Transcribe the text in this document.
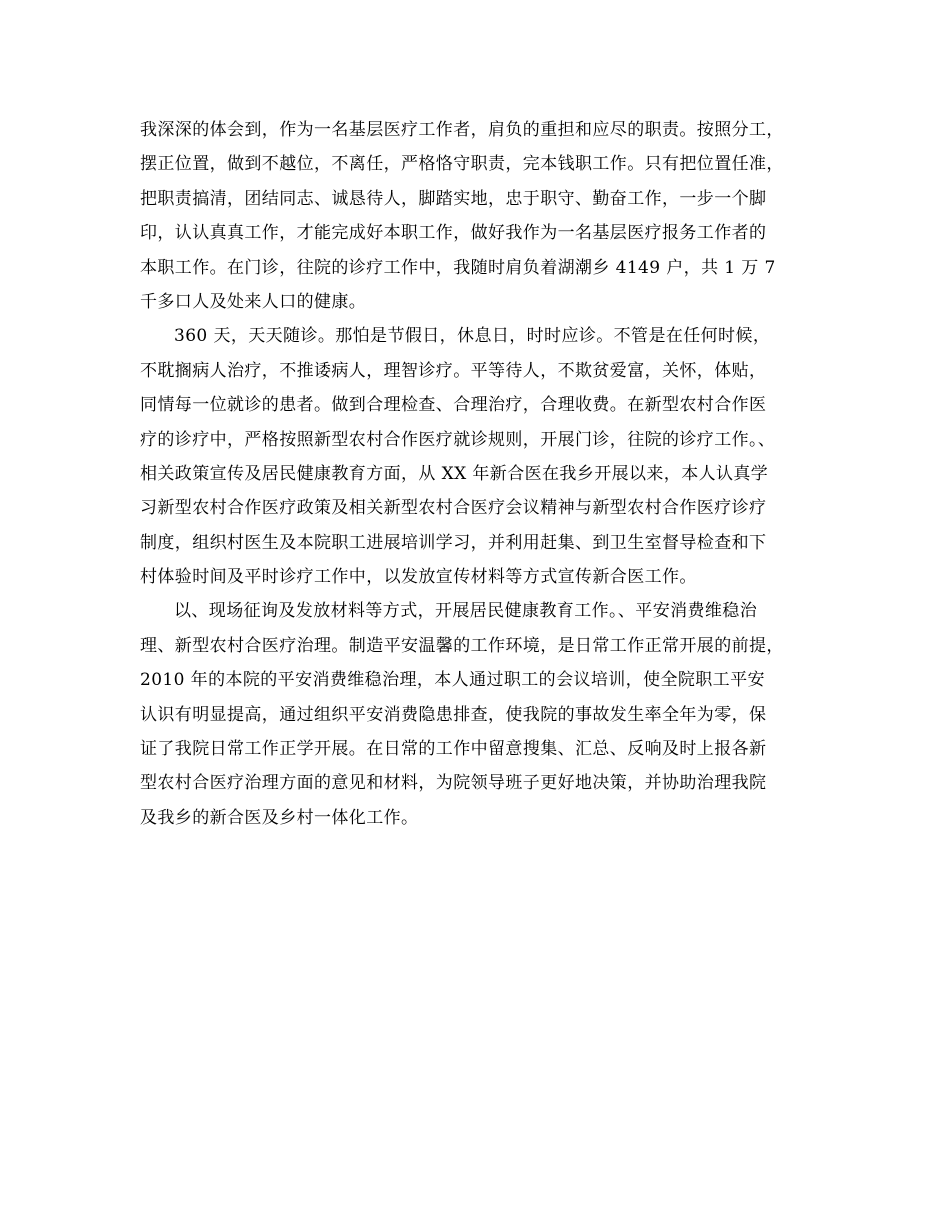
我深深的体会到，作为一名基层医疗工作者，肩负的重担和应尽的职责。按照分工，
摆正位置，做到不越位，不离任，严格恪守职责，完本钱职工作。只有把位置任准，
把职责搞清，团结同志、诚恳待人，脚踏实地，忠于职守、勤奋工作，一步一个脚
印，认认真真工作，才能完成好本职工作，做好我作为一名基层医疗报务工作者的
本职工作。在门诊，往院的诊疗工作中，我随时肩负着湖潮乡 4149 户，共 1 万 7
千多口人及处来人口的健康。
360 天，天天随诊。那怕是节假日，休息日，时时应诊。不管是在任何时候，
不耽搁病人治疗，不推诿病人，理智诊疗。平等待人，不欺贫爱富，关怀，体贴，
同情每一位就诊的患者。做到合理检查、合理治疗，合理收费。在新型农村合作医
疗的诊疗中，严格按照新型农村合作医疗就诊规则，开展门诊，往院的诊疗工作。、
相关政策宣传及居民健康教育方面，从 XX 年新合医在我乡开展以来，本人认真学
习新型农村合作医疗政策及相关新型农村合医疗会议精神与新型农村合作医疗诊疗
制度，组织村医生及本院职工进展培训学习，并利用赶集、到卫生室督导检查和下
村体验时间及平时诊疗工作中，以发放宣传材料等方式宣传新合医工作。
以、现场征询及发放材料等方式，开展居民健康教育工作。、平安消费维稳治
理、新型农村合医疗治理。制造平安温馨的工作环境，是日常工作正常开展的前提，
2010 年的本院的平安消费维稳治理，本人通过职工的会议培训，使全院职工平安
认识有明显提高，通过组织平安消费隐患排查，使我院的事故发生率全年为零，保
证了我院日常工作正学开展。在日常的工作中留意搜集、汇总、反响及时上报各新
型农村合医疗治理方面的意见和材料，为院领导班子更好地决策，并协助治理我院
及我乡的新合医及乡村一体化工作。
